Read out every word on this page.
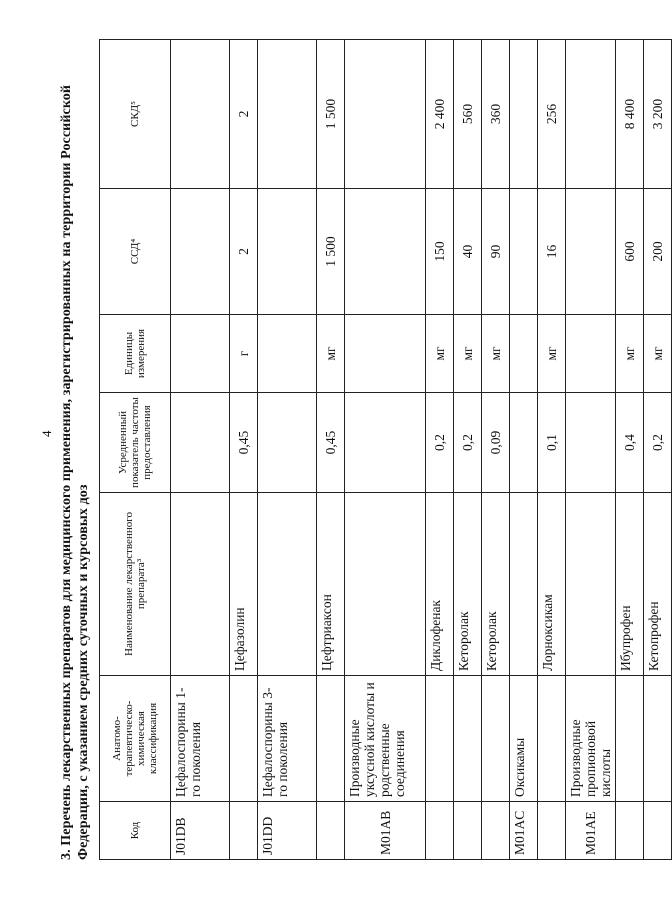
4 3. Перечень лекарственных препаратов для медицинского применения, зарегистрированных на территории Российской Федерации, с указанием средних суточных и курсовых доз	Код	Анатомо-терапевтическо-химическая классификация	Наименование лекарственного препарата³	Усредненный показатель частоты предоставления	Единицы измерения	ССД⁴	СКД⁵
J01DB	Цефалоспорины 1-го поколения					
		Цефазолин	0,45	г	2	2
J01DD	Цефалоспорины 3-го поколения					
		Цефтриаксон	0,45	мг	1 500	1 500
M01AB	Производные уксусной кислоты и родственные соединения					
		Диклофенак	0,2	мг	150	2 400
		Кеторолак	0,2	мг	40	560
		Кеторолак	0,09	мг	90	360
M01AC	Оксикамы					
		Лорноксикам	0,1	мг	16	256
M01AE	Производные пропионовой кислоты					
		Ибупрофен	0,4	мг	600	8 400
		Кетопрофен	0,2	мг	200	3 200
